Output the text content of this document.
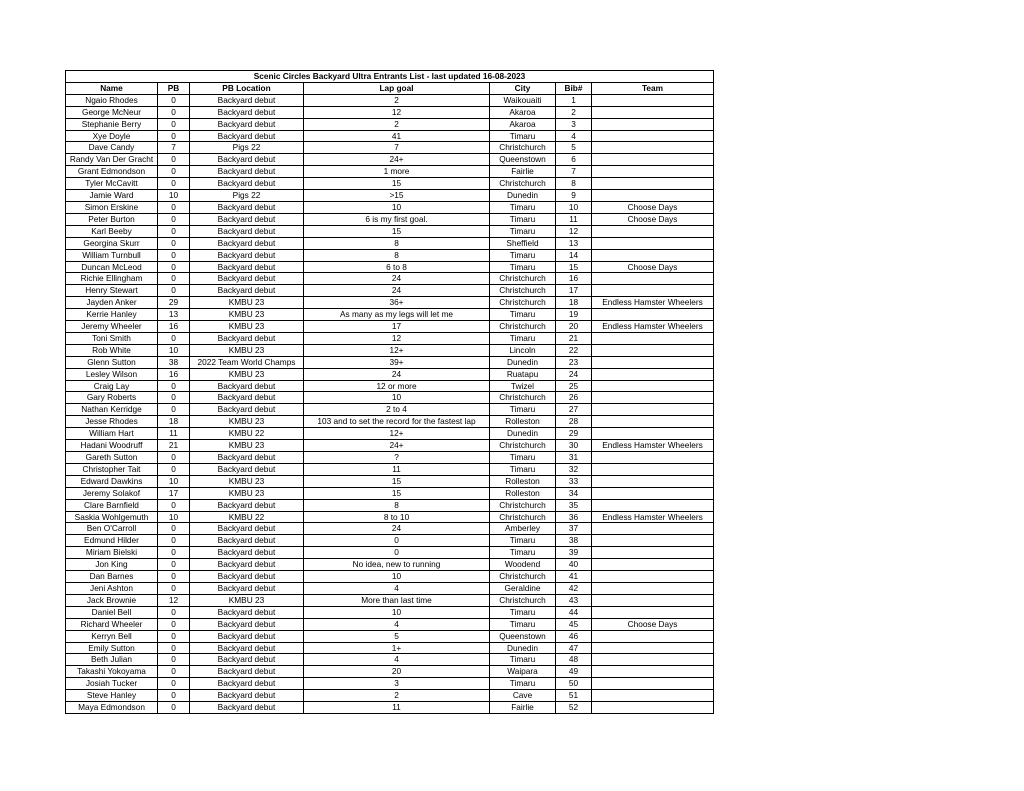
Scenic Circles Backyard Ultra Entrants List - last updated 16-08-2023						
Name	PB	PB Location	Lap goal	City	Bib#	Team
Ngaio Rhodes	0	Backyard debut	2	Waikouaiti	1	
George McNeur	0	Backyard debut	12	Akaroa	2	
Stephanie Berry	0	Backyard debut	2	Akaroa	3	
Xye Doyle	0	Backyard debut	41	Timaru	4	
Dave Candy	7	Pigs 22	7	Christchurch	5	
Randy Van Der Gracht	0	Backyard debut	24+	Queenstown	6	
Grant Edmondson	0	Backyard debut	1 more	Fairlie	7	
Tyler McCavitt	0	Backyard debut	15	Christchurch	8	
Jamie Ward	10	Pigs 22	>15	Dunedin	9	
Simon Erskine	0	Backyard debut	10	Timaru	10	Choose Days
Peter Burton	0	Backyard debut	6 is my first goal.	Timaru	11	Choose Days
Karl Beeby	0	Backyard debut	15	Timaru	12	
Georgina Skurr	0	Backyard debut	8	Sheffield	13	
William Turnbull	0	Backyard debut	8	Timaru	14	
Duncan McLeod	0	Backyard debut	6 to 8	Timaru	15	Choose Days
Richie Ellingham	0	Backyard debut	24	Christchurch	16	
Henry Stewart	0	Backyard debut	24	Christchurch	17	
Jayden Anker	29	KMBU 23	36+	Christchurch	18	Endless Hamster Wheelers
Kerrie Hanley	13	KMBU 23	As many as my legs will let me	Timaru	19	
Jeremy Wheeler	16	KMBU 23	17	Christchurch	20	Endless Hamster Wheelers
Toni Smith	0	Backyard debut	12	Timaru	21	
Rob White	10	KMBU 23	12+	Lincoln	22	
Glenn Sutton	38	2022 Team World Champs	39+	Dunedin	23	
Lesley Wilson	16	KMBU 23	24	Ruatapu	24	
Craig Lay	0	Backyard debut	12 or more	Twizel	25	
Gary Roberts	0	Backyard debut	10	Christchurch	26	
Nathan Kerridge	0	Backyard debut	2 to 4	Timaru	27	
Jesse Rhodes	18	KMBU 23	103 and to set the record for the fastest lap	Rolleston	28	
William Hart	11	KMBU 22	12+	Dunedin	29	
Hadani Woodruff	21	KMBU 23	24+	Christchurch	30	Endless Hamster Wheelers
Gareth Sutton	0	Backyard debut	?	Timaru	31	
Christopher Tait	0	Backyard debut	11	Timaru	32	
Edward Dawkins	10	KMBU 23	15	Rolleston	33	
Jeremy Solakof	17	KMBU 23	15	Rolleston	34	
Clare Barnfield	0	Backyard debut	8	Christchurch	35	
Saskia Wohlgemuth	10	KMBU 22	8 to 10	Christchurch	36	Endless Hamster Wheelers
Ben O'Carroll	0	Backyard debut	24	Amberley	37	
Edmund Hilder	0	Backyard debut	0	Timaru	38	
Miriam Bielski	0	Backyard debut	0	Timaru	39	
Jon King	0	Backyard debut	No idea, new to running	Woodend	40	
Dan Barnes	0	Backyard debut	10	Christchurch	41	
Jeni Ashton	0	Backyard debut	4	Geraldine	42	
Jack Brownie	12	KMBU 23	More than last time	Christchurch	43	
Daniel Bell	0	Backyard debut	10	Timaru	44	
Richard Wheeler	0	Backyard debut	4	Timaru	45	Choose Days
Kerryn Bell	0	Backyard debut	5	Queenstown	46	
Emily Sutton	0	Backyard debut	1+	Dunedin	47	
Beth Julian	0	Backyard debut	4	Timaru	48	
Takashi Yokoyama	0	Backyard debut	20	Waipara	49	
Josiah Tucker	0	Backyard debut	3	Timaru	50	
Steve Hanley	0	Backyard debut	2	Cave	51	
Maya Edmondson	0	Backyard debut	11	Fairlie	52	
